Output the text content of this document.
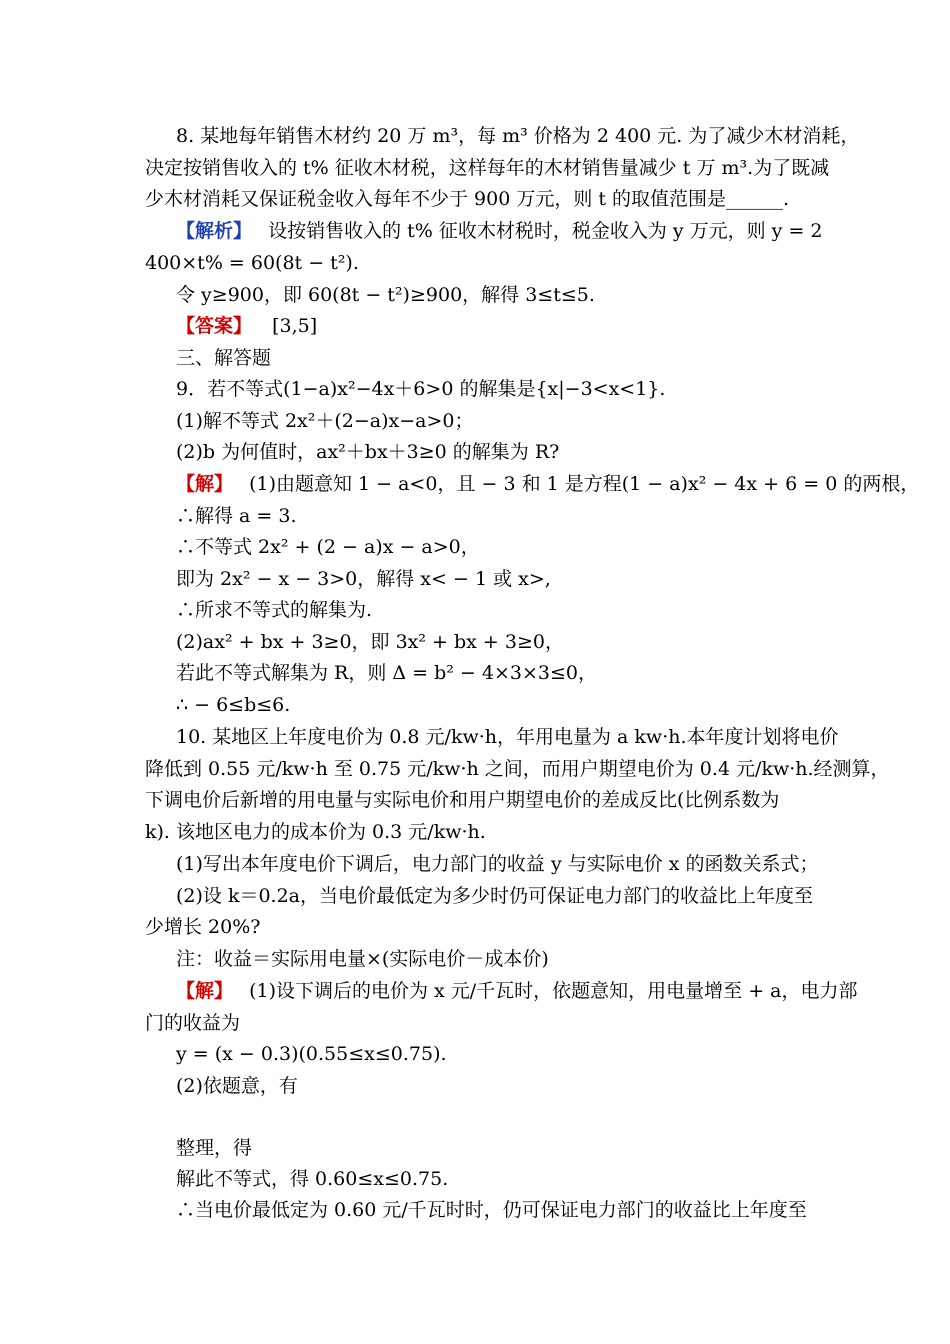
8. 某地每年销售木材约 20 万 m³，每 m³ 价格为 2 400 元. 为了减少木材消耗，
决定按销售收入的 t% 征收木材税，这样每年的木材销售量减少 t 万 m³.为了既减
少木材消耗又保证税金收入每年不少于 900 万元，则 t 的取值范围是______.
【解析】 设按销售收入的 t% 征收木材税时，税金收入为 y 万元，则 y = 2
400×t% = 60(8t − t²).
令 y≥900，即 60(8t − t²)≥900，解得 3≤t≤5.
【答案】 [3,5]
三、解答题
9．若不等式(1−a)x²−4x＋6>0 的解集是{x|−3<x<1}.
(1)解不等式 2x²＋(2−a)x−a>0；
(2)b 为何值时，ax²＋bx＋3≥0 的解集为 R?
【解】 (1)由题意知 1 − a<0，且 − 3 和 1 是方程(1 − a)x² − 4x + 6 = 0 的两根，
∴解得 a = 3.
∴不等式 2x² + (2 − a)x − a>0，
即为 2x² − x − 3>0，解得 x< − 1 或 x>,
∴所求不等式的解集为.
(2)ax² + bx + 3≥0，即 3x² + bx + 3≥0，
若此不等式解集为 R，则 Δ = b² − 4×3×3≤0，
∴ − 6≤b≤6.
10. 某地区上年度电价为 0.8 元/kw·h，年用电量为 a kw·h.本年度计划将电价
降低到 0.55 元/kw·h 至 0.75 元/kw·h 之间，而用户期望电价为 0.4 元/kw·h.经测算，
下调电价后新增的用电量与实际电价和用户期望电价的差成反比(比例系数为
k). 该地区电力的成本价为 0.3 元/kw·h.
(1)写出本年度电价下调后，电力部门的收益 y 与实际电价 x 的函数关系式；
(2)设 k＝0.2a，当电价最低定为多少时仍可保证电力部门的收益比上年度至
少增长 20%?
注：收益＝实际用电量×(实际电价－成本价)
【解】 (1)设下调后的电价为 x 元/千瓦时，依题意知，用电量增至 + a，电力部
门的收益为
y = (x − 0.3)(0.55≤x≤0.75).
(2)依题意，有
整理，得
解此不等式，得 0.60≤x≤0.75.
∴当电价最低定为 0.60 元/千瓦时时，仍可保证电力部门的收益比上年度至
